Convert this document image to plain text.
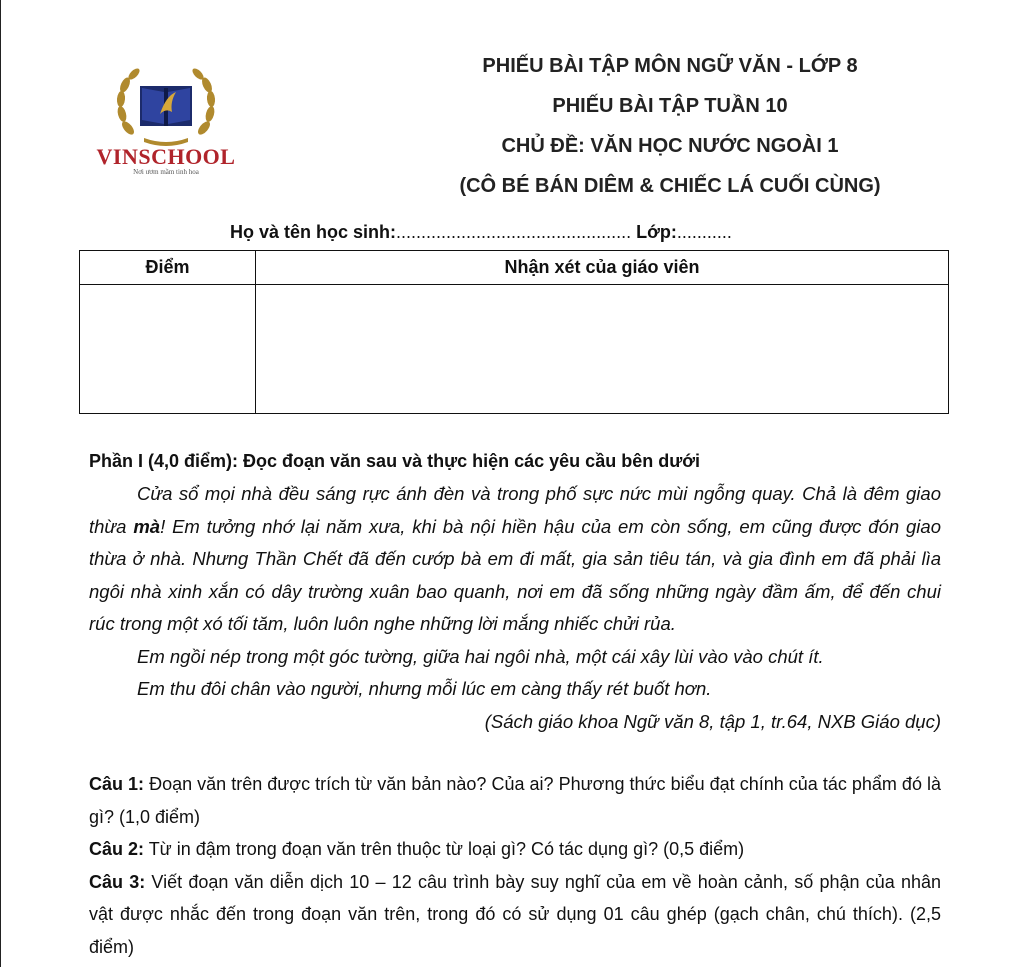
VINSCHOOL
Nơi ươm mầm tinh hoa
PHIẾU BÀI TẬP MÔN NGỮ VĂN - LỚP 8
PHIẾU BÀI TẬP TUẦN 10
CHỦ ĐỀ: VĂN HỌC NƯỚC NGOÀI 1
(CÔ BÉ BÁN DIÊM & CHIẾC LÁ CUỐI CÙNG)
Họ và tên học sinh:............................................... Lớp:...........
Điểm	Nhận xét của giáo viên

Phần I (4,0 điểm): Đọc đoạn văn sau và thực hiện các yêu cầu bên dưới

Cửa sổ mọi nhà đều sáng rực ánh đèn và trong phố sực nức mùi ngỗng quay. Chả là đêm giao thừa mà! Em tưởng nhớ lại năm xưa, khi bà nội hiền hậu của em còn sống, em cũng được đón giao thừa ở nhà. Nhưng Thần Chết đã đến cướp bà em đi mất, gia sản tiêu tán, và gia đình em đã phải lìa ngôi nhà xinh xắn có dây trường xuân bao quanh, nơi em đã sống những ngày đầm ấm, để đến chui rúc trong một xó tối tăm, luôn luôn nghe những lời mắng nhiếc chửi rủa.

Em ngồi nép trong một góc tường, giữa hai ngôi nhà, một cái xây lùi vào vào chút ít.

Em thu đôi chân vào người, nhưng mỗi lúc em càng thấy rét buốt hơn.

(Sách giáo khoa Ngữ văn 8, tập 1, tr.64, NXB Giáo dục)

Câu 1: Đoạn văn trên được trích từ văn bản nào? Của ai? Phương thức biểu đạt chính của tác phẩm đó là gì? (1,0 điểm)

Câu 2: Từ in đậm trong đoạn văn trên thuộc từ loại gì? Có tác dụng gì? (0,5 điểm)

Câu 3: Viết đoạn văn diễn dịch 10 – 12 câu trình bày suy nghĩ của em về hoàn cảnh, số phận của nhân vật được nhắc đến trong đoạn văn trên, trong đó có sử dụng 01 câu ghép (gạch chân, chú thích). (2,5 điểm)
